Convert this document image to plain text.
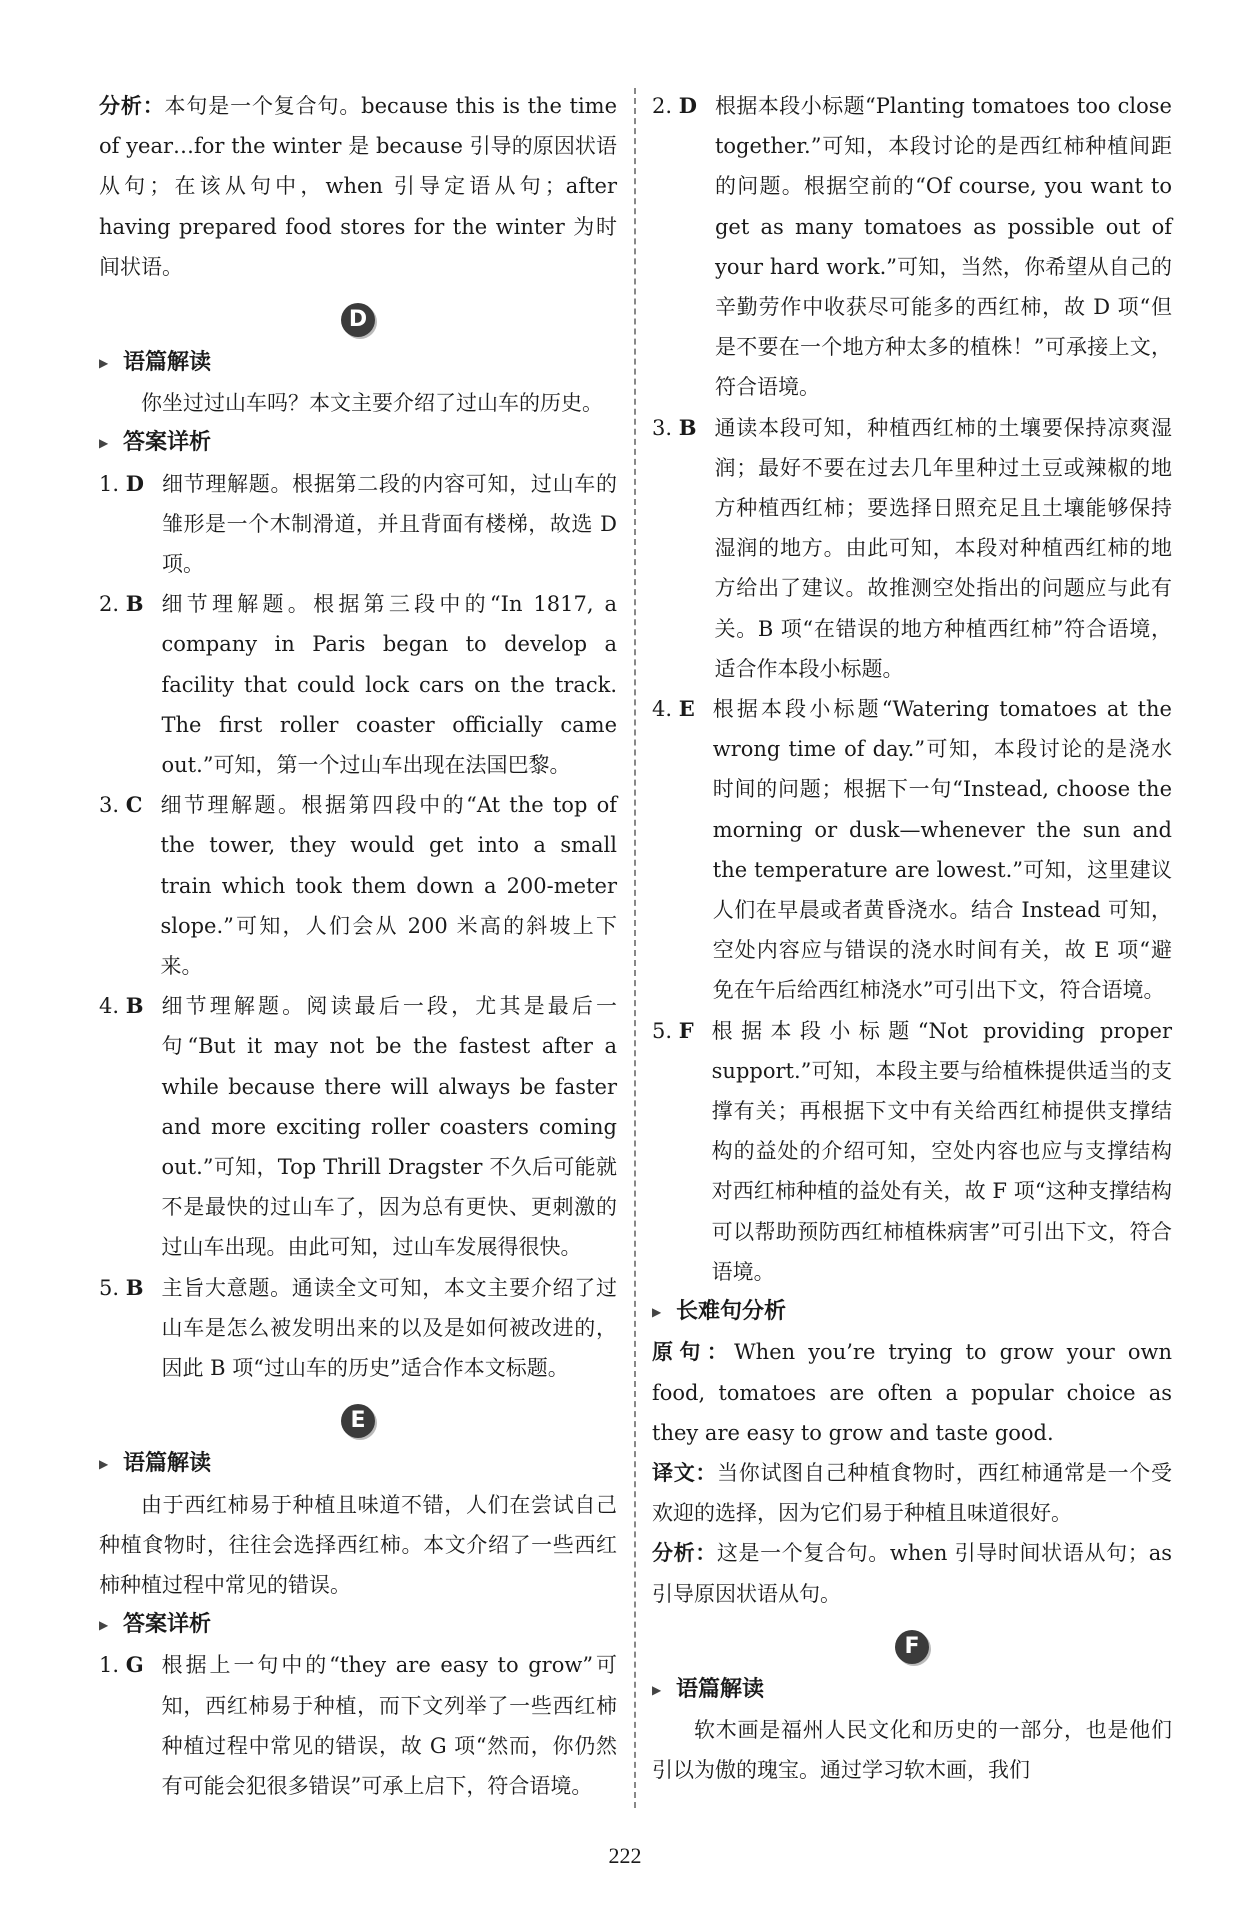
分析：本句是一个复合句。because this is the time of year…for the winter 是 because 引导的原因状语从句；在该从句中，when 引导定语从句；after having prepared food stores for the winter 为时间状语。

D

▶ 语篇解读

你坐过过山车吗？本文主要介绍了过山车的历史。

▶ 答案详析

1. D 细节理解题。根据第二段的内容可知，过山车的雏形是一个木制滑道，并且背面有楼梯，故选 D 项。
2. B 细节理解题。根据第三段中的“In 1817, a company in Paris began to develop a facility that could lock cars on the track. The first roller coaster officially came out.”可知，第一个过山车出现在法国巴黎。
3. C 细节理解题。根据第四段中的“At the top of the tower, they would get into a small train which took them down a 200-meter slope.”可知，人们会从 200 米高的斜坡上下来。
4. B 细节理解题。阅读最后一段，尤其是最后一句“But it may not be the fastest after a while because there will always be faster and more exciting roller coasters coming out.”可知，Top Thrill Dragster 不久后可能就不是最快的过山车了，因为总有更快、更刺激的过山车出现。由此可知，过山车发展得很快。
5. B 主旨大意题。通读全文可知，本文主要介绍了过山车是怎么被发明出来的以及是如何被改进的，因此 B 项“过山车的历史”适合作本文标题。
E

▶ 语篇解读

由于西红柿易于种植且味道不错，人们在尝试自己种植食物时，往往会选择西红柿。本文介绍了一些西红柿种植过程中常见的错误。

▶ 答案详析

1. G 根据上一句中的“they are easy to grow”可知，西红柿易于种植，而下文列举了一些西红柿种植过程中常见的错误，故 G 项“然而，你仍然有可能会犯很多错误”可承上启下，符合语境。
2. D 根据本段小标题“Planting tomatoes too close together.”可知，本段讨论的是西红柿种植间距的问题。根据空前的“Of course, you want to get as many tomatoes as possible out of your hard work.”可知，当然，你希望从自己的辛勤劳作中收获尽可能多的西红柿，故 D 项“但是不要在一个地方种太多的植株！”可承接上文，符合语境。
3. B 通读本段可知，种植西红柿的土壤要保持凉爽湿润；最好不要在过去几年里种过土豆或辣椒的地方种植西红柿；要选择日照充足且土壤能够保持湿润的地方。由此可知，本段对种植西红柿的地方给出了建议。故推测空处指出的问题应与此有关。B 项“在错误的地方种植西红柿”符合语境，适合作本段小标题。
4. E 根据本段小标题“Watering tomatoes at the wrong time of day.”可知，本段讨论的是浇水时间的问题；根据下一句“Instead, choose the morning or dusk—whenever the sun and the temperature are lowest.”可知，这里建议人们在早晨或者黄昏浇水。结合 Instead 可知，空处内容应与错误的浇水时间有关，故 E 项“避免在午后给西红柿浇水”可引出下文，符合语境。
5. F 根据本段小标题“Not providing proper support.”可知，本段主要与给植株提供适当的支撑有关；再根据下文中有关给西红柿提供支撑结构的益处的介绍可知，空处内容也应与支撑结构对西红柿种植的益处有关，故 F 项“这种支撑结构可以帮助预防西红柿植株病害”可引出下文，符合语境。

▶ 长难句分析

原句：When you’re trying to grow your own food, tomatoes are often a popular choice as they are easy to grow and taste good.

译文：当你试图自己种植食物时，西红柿通常是一个受欢迎的选择，因为它们易于种植且味道很好。

分析：这是一个复合句。when 引导时间状语从句；as 引导原因状语从句。

F

▶ 语篇解读

软木画是福州人民文化和历史的一部分，也是他们引以为傲的瑰宝。通过学习软木画，我们

222
